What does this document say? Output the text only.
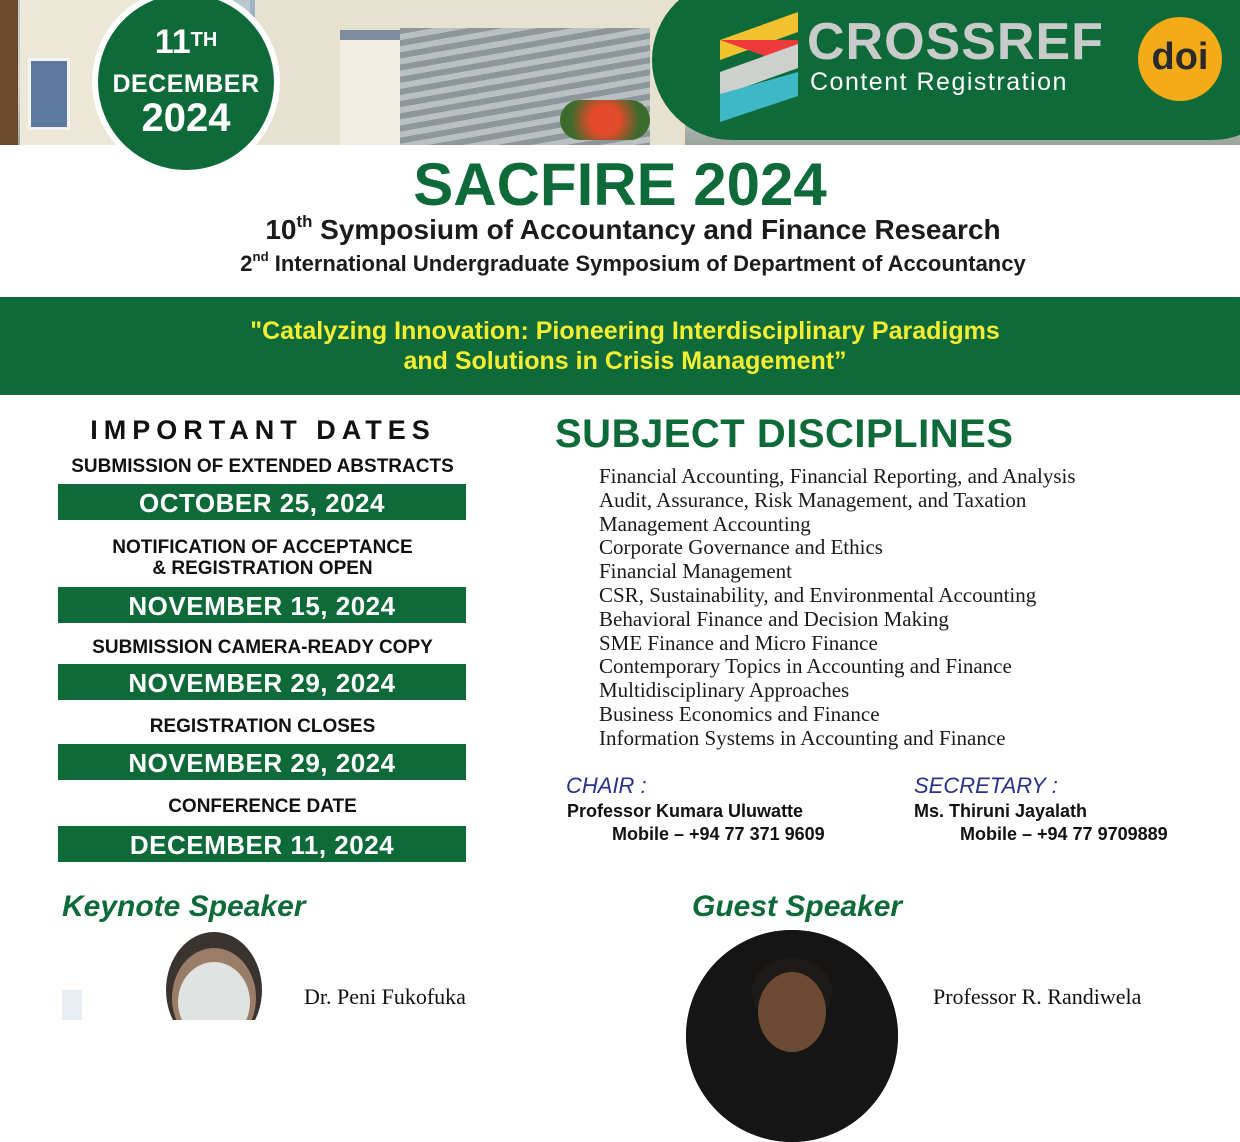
11TH
DECEMBER
2024
CROSSREF
Content Registration
doi
SACFIRE 2024
10th Symposium of Accountancy and Finance Research
2nd International Undergraduate Symposium of Department of Accountancy
"Catalyzing Innovation: Pioneering Interdisciplinary Paradigms
and Solutions in Crisis Management”
IMPORTANT DATES
SUBMISSION OF EXTENDED ABSTRACTS
OCTOBER 25, 2024
NOTIFICATION OF ACCEPTANCE
& REGISTRATION OPEN
NOVEMBER 15, 2024
SUBMISSION CAMERA-READY COPY
NOVEMBER 29, 2024
REGISTRATION CLOSES
NOVEMBER 29, 2024
CONFERENCE DATE
DECEMBER 11, 2024
SUBJECT DISCIPLINES
Financial Accounting, Financial Reporting, and Analysis
Audit, Assurance, Risk Management, and Taxation
Management Accounting
Corporate Governance and Ethics
Financial Management
CSR, Sustainability, and Environmental Accounting
Behavioral Finance and Decision Making
SME Finance and Micro Finance
Contemporary Topics in Accounting and Finance
Multidisciplinary Approaches
Business Economics and Finance
Information Systems in Accounting and Finance
CHAIR :
Professor Kumara Uluwatte
Mobile – +94 77 371 9609
SECRETARY :
Ms. Thiruni Jayalath
Mobile – +94 77 9709889
Keynote Speaker
Dr. Peni Fukofuka
Guest Speaker
Professor R. Randiwela
